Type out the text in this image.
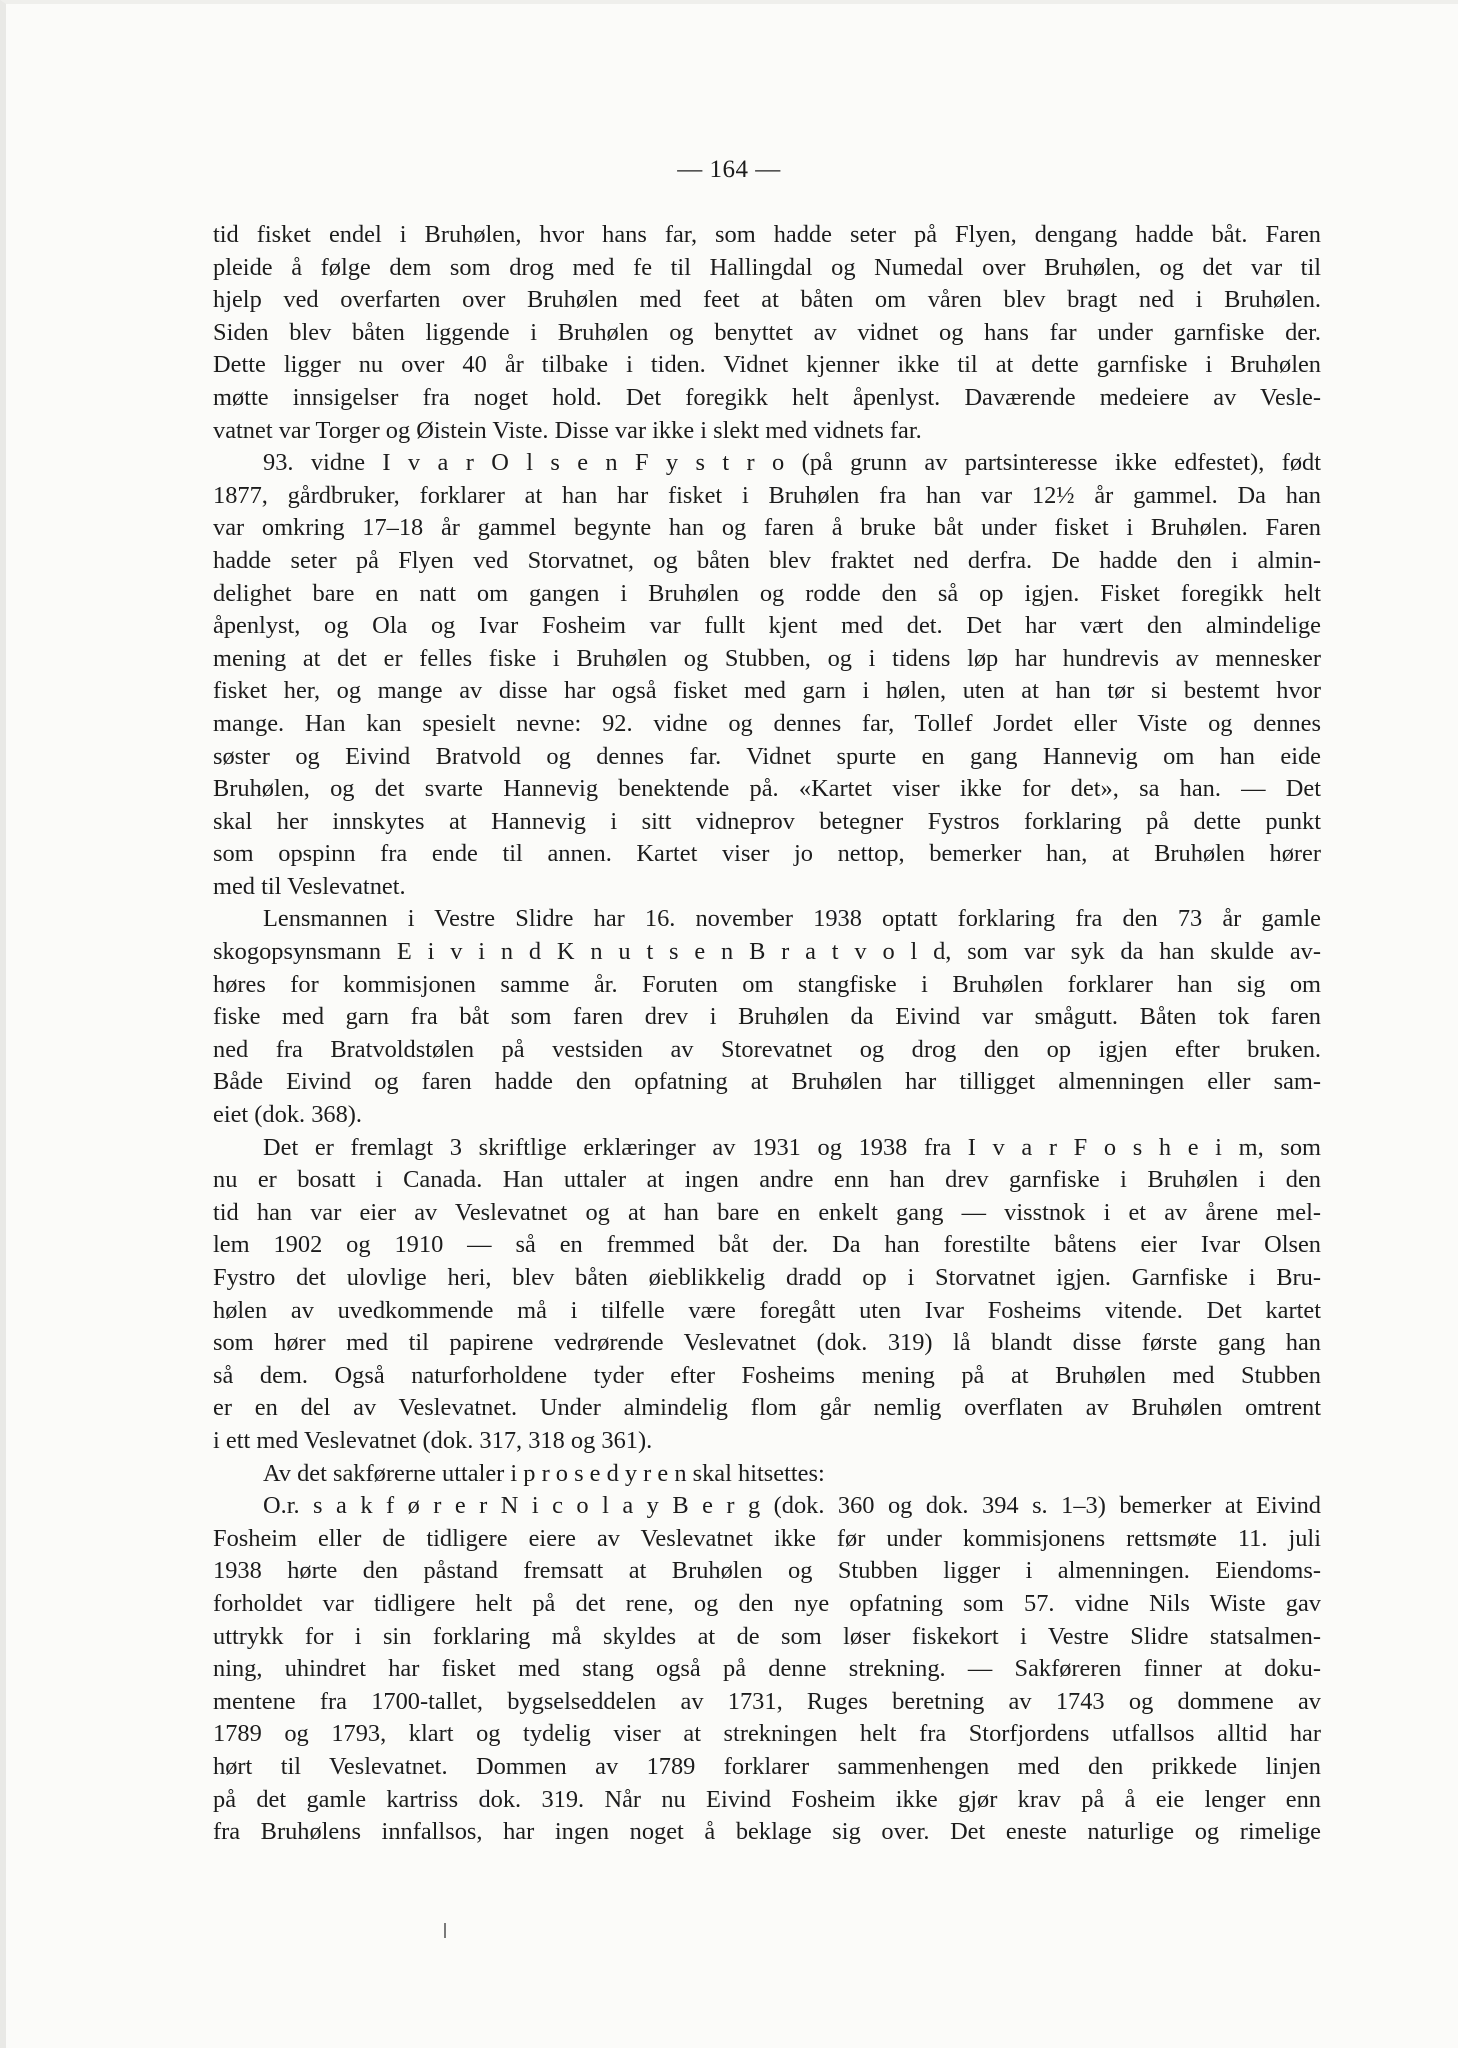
— 164 —
tid fisket endel i Bruhølen, hvor hans far, som hadde seter på Flyen, dengang hadde båt. Faren
pleide å følge dem som drog med fe til Hallingdal og Numedal over Bruhølen, og det var til
hjelp ved overfarten over Bruhølen med feet at båten om våren blev bragt ned i Bruhølen.
Siden blev båten liggende i Bruhølen og benyttet av vidnet og hans far under garnfiske der.
Dette ligger nu over 40 år tilbake i tiden. Vidnet kjenner ikke til at dette garnfiske i Bruhølen
møtte innsigelser fra noget hold. Det foregikk helt åpenlyst. Daværende medeiere av Vesle-
vatnet var Torger og Øistein Viste. Disse var ikke i slekt med vidnets far.
93. vidne I v a r O l s e n F y s t r o (på grunn av partsinteresse ikke edfestet), født
1877, gårdbruker, forklarer at han har fisket i Bruhølen fra han var 12½ år gammel. Da han
var omkring 17–18 år gammel begynte han og faren å bruke båt under fisket i Bruhølen. Faren
hadde seter på Flyen ved Storvatnet, og båten blev fraktet ned derfra. De hadde den i almin-
delighet bare en natt om gangen i Bruhølen og rodde den så op igjen. Fisket foregikk helt
åpenlyst, og Ola og Ivar Fosheim var fullt kjent med det. Det har vært den almindelige
mening at det er felles fiske i Bruhølen og Stubben, og i tidens løp har hundrevis av mennesker
fisket her, og mange av disse har også fisket med garn i hølen, uten at han tør si bestemt hvor
mange. Han kan spesielt nevne: 92. vidne og dennes far, Tollef Jordet eller Viste og dennes
søster og Eivind Bratvold og dennes far. Vidnet spurte en gang Hannevig om han eide
Bruhølen, og det svarte Hannevig benektende på. «Kartet viser ikke for det», sa han. — Det
skal her innskytes at Hannevig i sitt vidneprov betegner Fystros forklaring på dette punkt
som opspinn fra ende til annen. Kartet viser jo nettop, bemerker han, at Bruhølen hører
med til Veslevatnet.
Lensmannen i Vestre Slidre har 16. november 1938 optatt forklaring fra den 73 år gamle
skogopsynsmann E i v i n d K n u t s e n B r a t v o l d, som var syk da han skulde av-
høres for kommisjonen samme år. Foruten om stangfiske i Bruhølen forklarer han sig om
fiske med garn fra båt som faren drev i Bruhølen da Eivind var smågutt. Båten tok faren
ned fra Bratvoldstølen på vestsiden av Storevatnet og drog den op igjen efter bruken.
Både Eivind og faren hadde den opfatning at Bruhølen har tilligget almenningen eller sam-
eiet (dok. 368).
Det er fremlagt 3 skriftlige erklæringer av 1931 og 1938 fra I v a r F o s h e i m, som
nu er bosatt i Canada. Han uttaler at ingen andre enn han drev garnfiske i Bruhølen i den
tid han var eier av Veslevatnet og at han bare en enkelt gang — visstnok i et av årene mel-
lem 1902 og 1910 — så en fremmed båt der. Da han forestilte båtens eier Ivar Olsen
Fystro det ulovlige heri, blev båten øieblikkelig dradd op i Storvatnet igjen. Garnfiske i Bru-
hølen av uvedkommende må i tilfelle være foregått uten Ivar Fosheims vitende. Det kartet
som hører med til papirene vedrørende Veslevatnet (dok. 319) lå blandt disse første gang han
så dem. Også naturforholdene tyder efter Fosheims mening på at Bruhølen med Stubben
er en del av Veslevatnet. Under almindelig flom går nemlig overflaten av Bruhølen omtrent
i ett med Veslevatnet (dok. 317, 318 og 361).
Av det sakførerne uttaler i p r o s e d y r e n skal hitsettes:
O.r. s a k f ø r e r N i c o l a y B e r g (dok. 360 og dok. 394 s. 1–3) bemerker at Eivind
Fosheim eller de tidligere eiere av Veslevatnet ikke før under kommisjonens rettsmøte 11. juli
1938 hørte den påstand fremsatt at Bruhølen og Stubben ligger i almenningen. Eiendoms-
forholdet var tidligere helt på det rene, og den nye opfatning som 57. vidne Nils Wiste gav
uttrykk for i sin forklaring må skyldes at de som løser fiskekort i Vestre Slidre statsalmen-
ning, uhindret har fisket med stang også på denne strekning. — Sakføreren finner at doku-
mentene fra 1700-tallet, bygselseddelen av 1731, Ruges beretning av 1743 og dommene av
1789 og 1793, klart og tydelig viser at strekningen helt fra Storfjordens utfallsos alltid har
hørt til Veslevatnet. Dommen av 1789 forklarer sammenhengen med den prikkede linjen
på det gamle kartriss dok. 319. Når nu Eivind Fosheim ikke gjør krav på å eie lenger enn
fra Bruhølens innfallsos, har ingen noget å beklage sig over. Det eneste naturlige og rimelige
